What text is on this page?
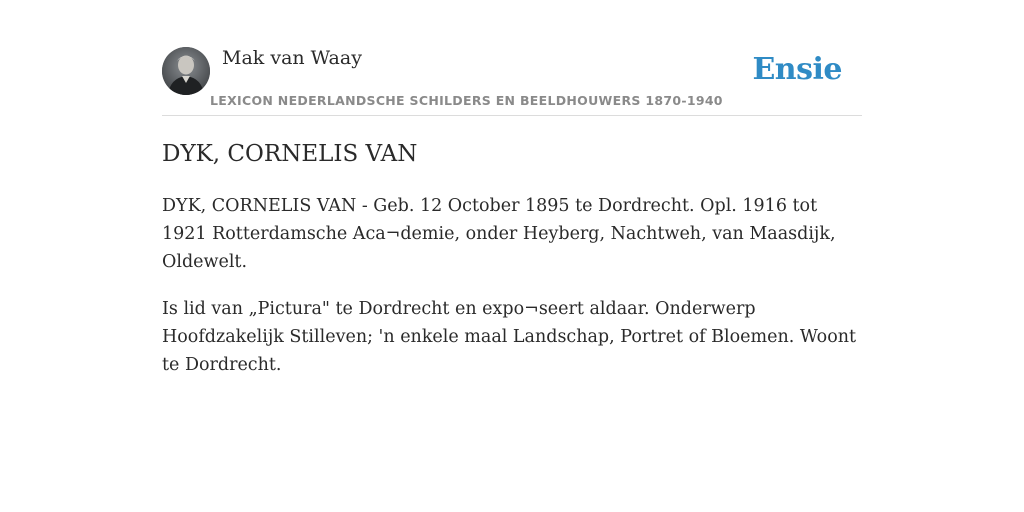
Mak van Waay
LEXICON NEDERLANDSCHE SCHILDERS EN BEELDHOUWERS 1870-1940
Ensie
DYK, CORNELIS VAN

DYK, CORNELIS VAN - Geb. 12 October 1895 te Dordrecht. Opl. 1916 tot 1921 Rotterdamsche Aca¬demie, onder Heyberg, Nachtweh, van Maasdijk, Oldewelt.

Is lid van „Pictura" te Dordrecht en expo¬seert aldaar. Onderwerp Hoofdzakelijk Stilleven; 'n enkele maal Landschap, Portret of Bloemen. Woont te Dordrecht.
